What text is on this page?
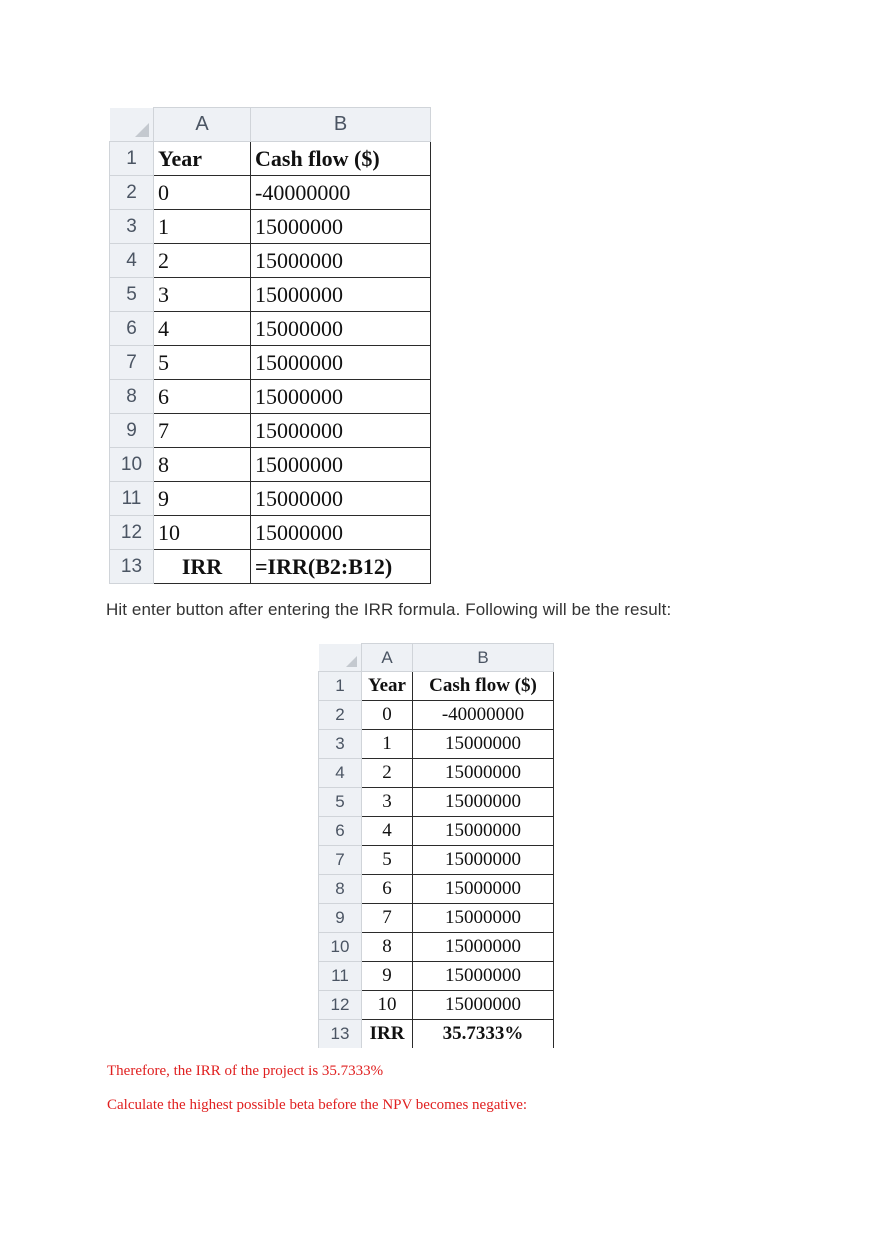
	A	B
1	Year	Cash flow ($)
2	0	-40000000
3	1	15000000
4	2	15000000
5	3	15000000
6	4	15000000
7	5	15000000
8	6	15000000
9	7	15000000
10	8	15000000
11	9	15000000
12	10	15000000
13	IRR	=IRR(B2:B12)
Hit enter button after entering the IRR formula. Following will be the result:
	A	B
1	Year	Cash flow ($)
2	0	-40000000
3	1	15000000
4	2	15000000
5	3	15000000
6	4	15000000
7	5	15000000
8	6	15000000
9	7	15000000
10	8	15000000
11	9	15000000
12	10	15000000
13	IRR	35.7333%
Therefore, the IRR of the project is 35.7333%
Calculate the highest possible beta before the NPV becomes negative:
